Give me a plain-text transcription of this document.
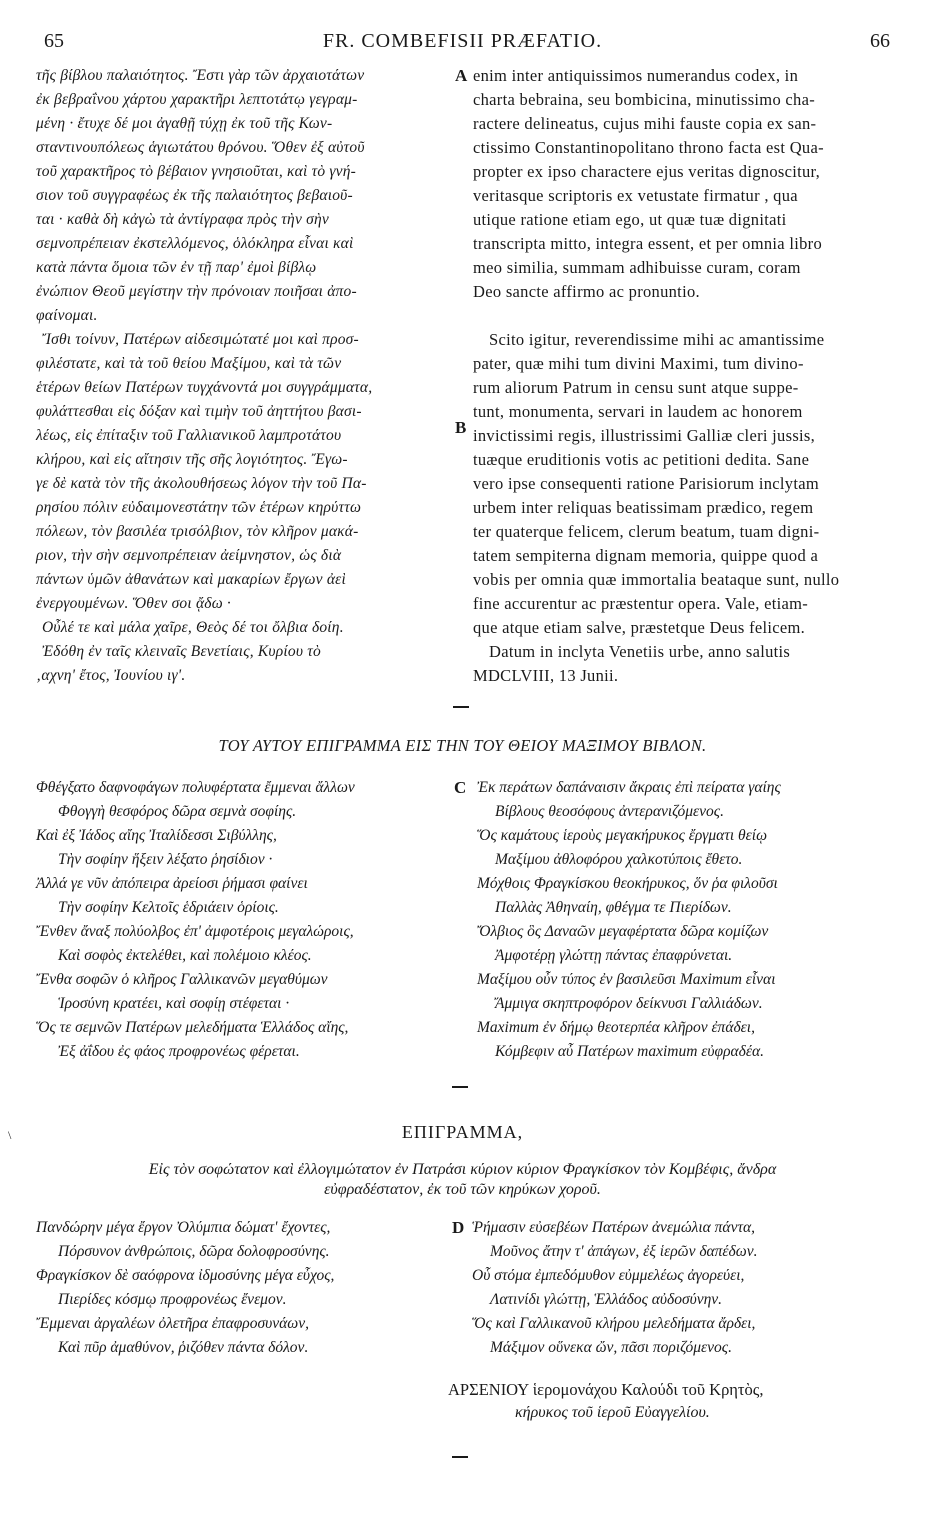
65	FR. COMBEFISII PRÆFATIO.	66
τῆς βίβλου παλαιότητος. Ἔστι γὰρ τῶν ἀρχαιοτάτων
ἐκ βεβραΐνου χάρτου χαρακτῆρι λεπτοτάτῳ γεγραμ-
μένη · ἔτυχε δέ μοι ἀγαθῇ τύχῃ ἐκ τοῦ τῆς Κων-
σταντινουπόλεως ἁγιωτάτου θρόνου. Ὅθεν ἐξ αὐτοῦ
τοῦ χαρακτῆρος τὸ βέβαιον γνησιοῦται, καὶ τὸ γνή-
σιον τοῦ συγγραφέως ἐκ τῆς παλαιότητος βεβαιοῦ-
ται · καθὰ δὴ κἀγὼ τὰ ἀντίγραφα πρὸς τὴν σὴν
σεμνοπρέπειαν ἐκστελλόμενος, ὁλόκληρα εἶναι καὶ
κατὰ πάντα ὅμοια τῶν ἐν τῇ παρ' ἐμοὶ βίβλῳ
ἐνώπιον Θεοῦ μεγίστην τὴν πρόνοιαν ποιῆσαι ἀπο-
φαίνομαι.
Ἴσθι τοίνυν, Πατέρων αἰδεσιμώτατέ μοι καὶ προσ-
φιλέστατε, καὶ τὰ τοῦ θείου Μαξίμου, καὶ τὰ τῶν
ἑτέρων θείων Πατέρων τυγχάνοντά μοι συγγράμματα,
φυλάττεσθαι εἰς δόξαν καὶ τιμὴν τοῦ ἀηττήτου βασι-
λέως, εἰς ἐπίταξιν τοῦ Γαλλιανικοῦ λαμπροτάτου
κλήρου, καὶ εἰς αἴτησιν τῆς σῆς λογιότητος. Ἔγω-
γε δὲ κατὰ τὸν τῆς ἀκολουθήσεως λόγον τὴν τοῦ Πα-
ρησίου πόλιν εὐδαιμονεστάτην τῶν ἑτέρων κηρύττω
πόλεων, τὸν βασιλέα τρισόλβιον, τὸν κλῆρον μακά-
ριον, τὴν σὴν σεμνοπρέπειαν ἀείμνηστον, ὡς διὰ
πάντων ὑμῶν ἀθανάτων καὶ μακαρίων ἔργων ἀεὶ
ἐνεργουμένων. Ὅθεν σοι ᾄδω ·
Οὖλέ τε καὶ μάλα χαῖρε, Θεὸς δέ τοι ὄλβια δοίη.
Ἐδόθη ἐν ταῖς κλειναῖς Βενετίαις, Κυρίου τὸ
‚αχνη' ἔτος, Ἰουνίου ιγ'.
enim inter antiquissimos numerandus codex, in
charta bebraina, seu bombicina, minutissimo cha-
ractere delineatus, cujus mihi fauste copia ex san-
ctissimo Constantinopolitano throno facta est Qua-
propter ex ipso charactere ejus veritas dignoscitur,
veritasque scriptoris ex vetustate firmatur , qua
utique ratione etiam ego, ut quæ tuæ dignitati
transcripta mitto, integra essent, et per omnia libro
meo similia, summam adhibuisse curam, coram
Deo sancte affirmo ac pronuntio.
Scito igitur, reverendissime mihi ac amantissime
pater, quæ mihi tum divini Maximi, tum divino-
rum aliorum Patrum in censu sunt atque suppe-
tunt, monumenta, servari in laudem ac honorem
invictissimi regis, illustrissimi Galliæ cleri jussis,
tuæque eruditionis votis ac petitioni dedita. Sane
vero ipse consequenti ratione Parisiorum inclytam
urbem inter reliquas beatissimam prædico, regem
ter quaterque felicem, clerum beatum, tuam digni-
tatem sempiterna dignam memoria, quippe quod a
vobis per omnia quæ immortalia beataque sunt, nullo
fine accurentur ac præstentur opera. Vale, etiam-
que atque etiam salve, præstetque Deus felicem.
Datum in inclyta Venetiis urbe, anno salutis
MDCLVIII, 13 Junii.
A
B
ΤΟΥ ΑΥΤΟΥ ΕΠΙΓΡΑΜΜΑ ΕΙΣ ΤΗΝ ΤΟΥ ΘΕΙΟΥ ΜΑΞΙΜΟΥ ΒΙΒΛΟΝ.
Φθέγξατο δαφνοφάγων πολυφέρτατα ἔμμεναι ἄλλων
Φθογγὴ θεσφόρος δῶρα σεμνὰ σοφίης.
Καὶ ἐξ Ἰάδος αἴης Ἰταλίδεσσι Σιβύλλης,
Τὴν σοφίην ἥξειν λέξατο ῥησίδιον ·
Ἀλλά γε νῦν ἀπόπειρα ἀρείοσι ῥήμασι φαίνει
Τὴν σοφίην Κελτοῖς ἑδριάειν ὁρίοις.
Ἔνθεν ἄναξ πολύολβος ἐπ' ἀμφοτέροις μεγαλώροις,
Καὶ σοφὸς ἐκτελέθει, καὶ πολέμοιο κλέος.
Ἔνθα σοφῶν ὁ κλῆρος Γαλλικανῶν μεγαθύμων
Ἱροσύνη κρατέει, καὶ σοφίῃ στέφεται ·
Ὅς τε σεμνῶν Πατέρων μελεδήματα Ἑλλάδος αἴης,
Ἐξ ἀΐδου ἐς φάος προφρονέως φέρεται.
Ἐκ περάτων δαπάναισιν ἄκραις ἐπὶ πείρατα γαίης
Βίβλους θεοσόφους ἀντερανιζόμενος.
Ὅς καμάτους ἱεροὺς μεγακήρυκος ἔργματι θείῳ
Μαξίμου ἀθλοφόρου χαλκοτύποις ἔθετο.
Μόχθοις Φραγκίσκου θεοκήρυκος, ὅν ῥα φιλοῦσι
Παλλὰς Ἀθηναίη, φθέγμα τε Πιερίδων.
Ὄλβιος ὃς Δαναῶν μεγαφέρτατα δῶρα κομίζων
Ἀμφοτέρῃ γλώττῃ πάντας ἐπαφρύνεται.
Μαξίμου οὖν τύπος ἐν βασιλεῦσι Maximum εἶναι
Ἄμμιγα σκηπτροφόρον δείκνυσι Γαλλιάδων.
Maximum ἐν δήμῳ θεοτερπέα κλῆρον ἐπάδει,
Κόμβεφιν αὖ Πατέρων maximum εὐφραδέα.
C
\	ΕΠΙΓΡΑΜΜΑ,
Εἰς τὸν σοφώτατον καὶ ἐλλογιμώτατον ἐν Πατράσι κύριον κύριον Φραγκίσκον τὸν Κομβέφις, ἄνδρα
εὐφραδέστατον, ἐκ τοῦ τῶν κηρύκων χοροῦ.
Πανδώρην μέγα ἔργον Ὀλύμπια δώματ' ἔχοντες,
Πόρσυνον ἀνθρώποις, δῶρα δολοφροσύνης.
Φραγκίσκον δὲ σαόφρονα ἰδμοσύνης μέγα εὖχος,
Πιερίδες κόσμῳ προφρονέως ἔνεμον.
Ἔμμεναι ἀργαλέων ὀλετῆρα ἐπαφροσυνάων,
Καὶ πῦρ ἀμαθύνον, ῥιζόθεν πάντα δόλον.
Ῥήμασιν εὐσεβέων Πατέρων ἀνεμώλια πάντα,
Μοῦνος ἄτην τ' ἀπάγων, ἐξ ἱερῶν δαπέδων.
Οὗ στόμα ἐμπεδόμυθον εὐμμελέως ἀγορεύει,
Λατινίδι γλώττῃ, Ἑλλάδος αὐδοσύνην.
Ὅς καὶ Γαλλικανοῦ κλήρου μελεδήματα ἄρδει,
Μάξιμον οὕνεκα ὤν, πᾶσι ποριζόμενος.
D
ΑΡΣΕΝΙΟΥ ἱερομονάχου Καλούδι τοῦ Κρητὸς,
κήρυκος τοῦ ἱεροῦ Εὐαγγελίου.
